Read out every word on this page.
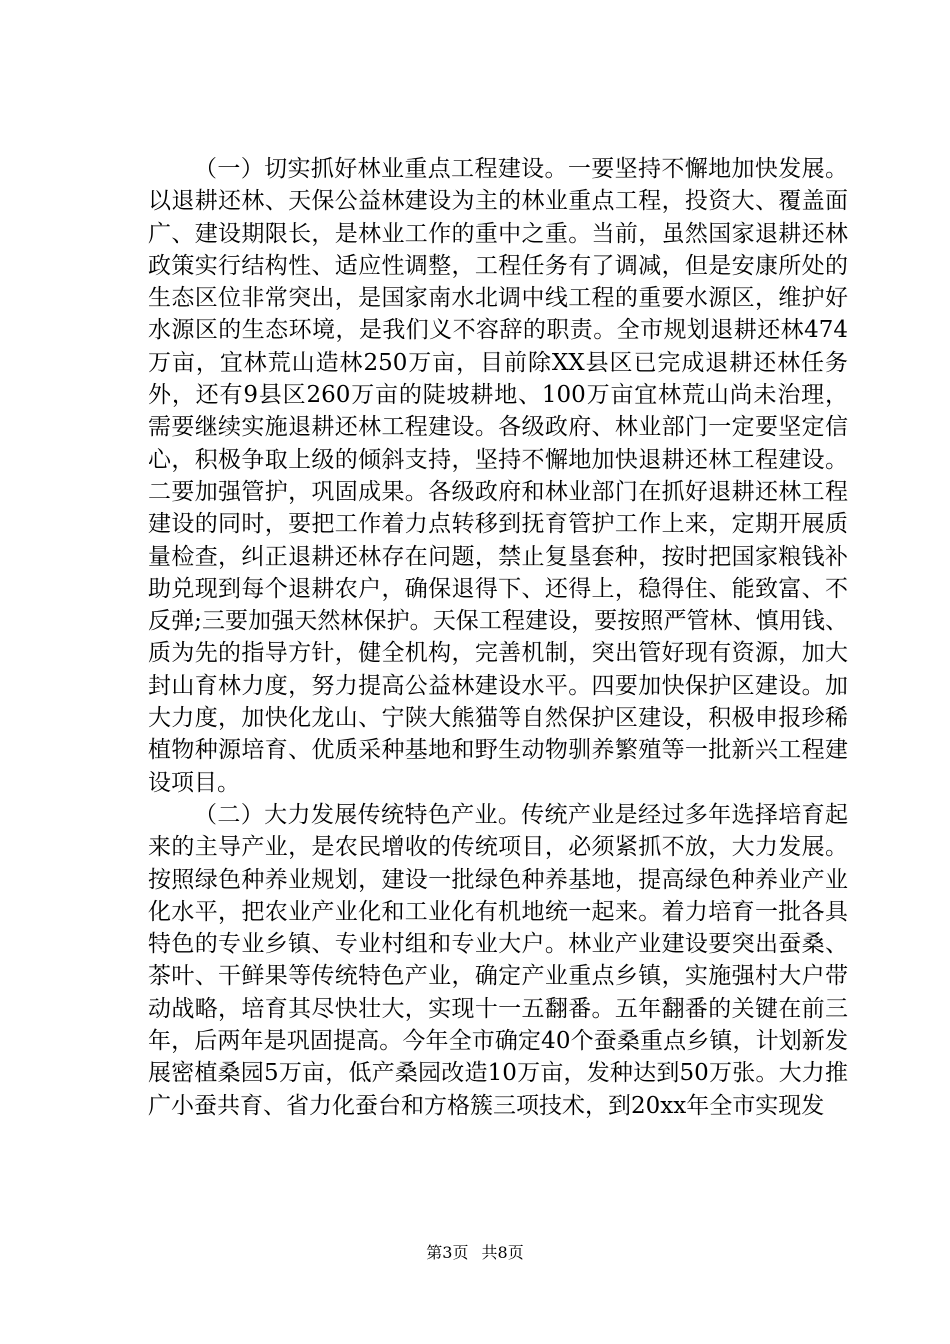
（一）切实抓好林业重点工程建设。一要坚持不懈地加快发展。以退耕还林、天保公益林建设为主的林业重点工程，投资大、覆盖面广、建设期限长，是林业工作的重中之重。当前，虽然国家退耕还林政策实行结构性、适应性调整，工程任务有了调减，但是安康所处的生态区位非常突出，是国家南水北调中线工程的重要水源区，维护好水源区的生态环境，是我们义不容辞的职责。全市规划退耕还林474万亩，宜林荒山造林250万亩，目前除XX县区已完成退耕还林任务外，还有9县区260万亩的陡坡耕地、100万亩宜林荒山尚未治理，需要继续实施退耕还林工程建设。各级政府、林业部门一定要坚定信心，积极争取上级的倾斜支持，坚持不懈地加快退耕还林工程建设。二要加强管护，巩固成果。各级政府和林业部门在抓好退耕还林工程建设的同时，要把工作着力点转移到抚育管护工作上来，定期开展质量检查，纠正退耕还林存在问题，禁止复垦套种，按时把国家粮钱补助兑现到每个退耕农户，确保退得下、还得上，稳得住、能致富、不反弹;三要加强天然林保护。天保工程建设，要按照严管林、慎用钱、质为先的指导方针，健全机构，完善机制，突出管好现有资源，加大封山育林力度，努力提高公益林建设水平。四要加快保护区建设。加大力度，加快化龙山、宁陕大熊猫等自然保护区建设，积极申报珍稀植物种源培育、优质采种基地和野生动物驯养繁殖等一批新兴工程建设项目。

（二）大力发展传统特色产业。传统产业是经过多年选择培育起来的主导产业，是农民增收的传统项目，必须紧抓不放，大力发展。按照绿色种养业规划，建设一批绿色种养基地，提高绿色种养业产业化水平，把农业产业化和工业化有机地统一起来。着力培育一批各具特色的专业乡镇、专业村组和专业大户。林业产业建设要突出蚕桑、茶叶、干鲜果等传统特色产业，确定产业重点乡镇，实施强村大户带动战略，培育其尽快壮大，实现十一五翻番。五年翻番的关键在前三年，后两年是巩固提高。今年全市确定40个蚕桑重点乡镇，计划新发展密植桑园5万亩，低产桑园改造10万亩，发种达到50万张。大力推广小蚕共育、省力化蚕台和方格簇三项技术，到20xx年全市实现发

第3页 共8页
